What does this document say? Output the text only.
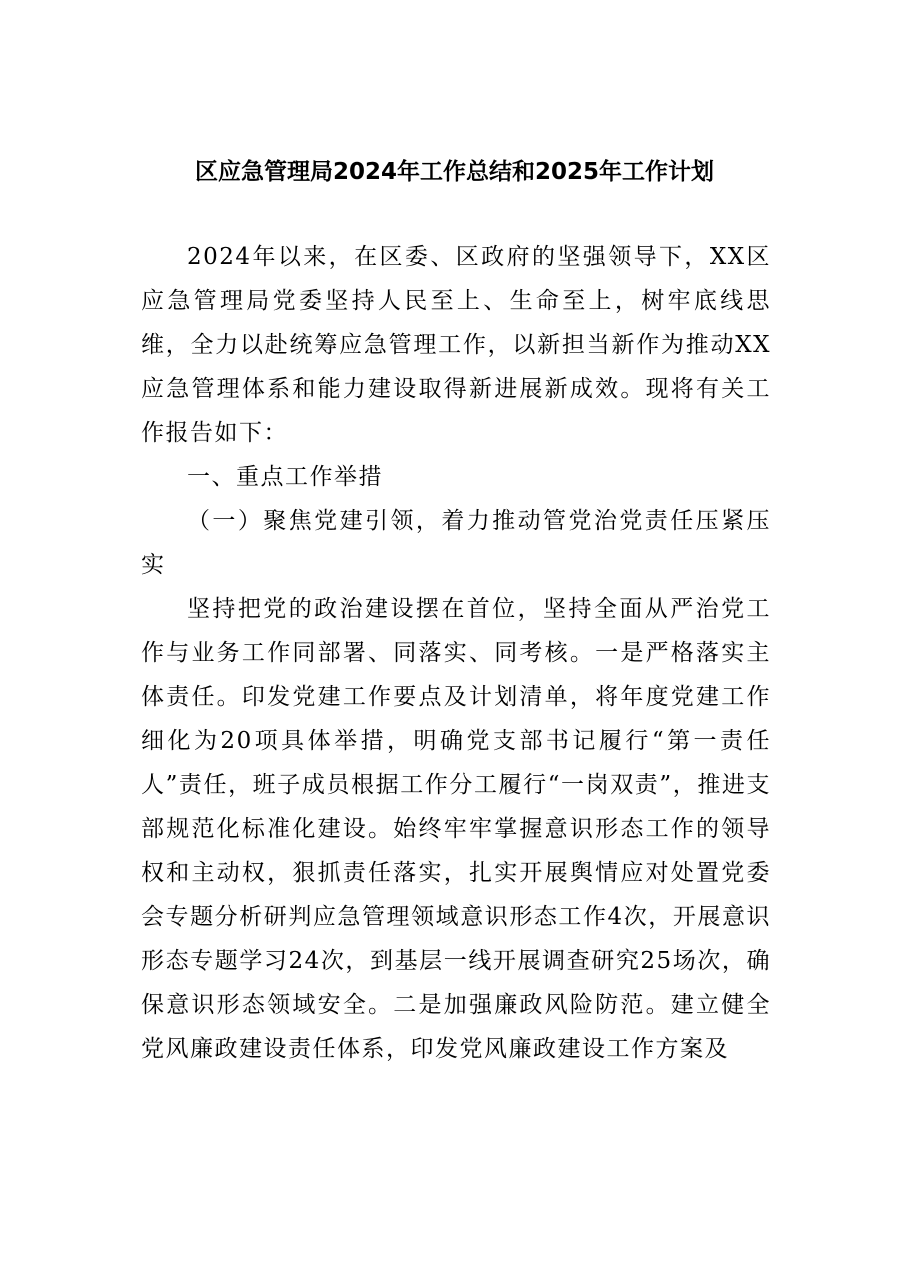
区应急管理局2024年工作总结和2025年工作计划

2024年以来，在区委、区政府的坚强领导下，XX区应急管理局党委坚持人民至上、生命至上，树牢底线思维，全力以赴统筹应急管理工作，以新担当新作为推动XX应急管理体系和能力建设取得新进展新成效。现将有关工作报告如下：

一、重点工作举措

（一）聚焦党建引领，着力推动管党治党责任压紧压实

坚持把党的政治建设摆在首位，坚持全面从严治党工作与业务工作同部署、同落实、同考核。一是严格落实主体责任。印发党建工作要点及计划清单，将年度党建工作细化为20项具体举措，明确党支部书记履行“第一责任人”责任，班子成员根据工作分工履行“一岗双责”，推进支部规范化标准化建设。始终牢牢掌握意识形态工作的领导权和主动权，狠抓责任落实，扎实开展舆情应对处置党委会专题分析研判应急管理领域意识形态工作4次，开展意识形态专题学习24次，到基层一线开展调查研究25场次，确保意识形态领域安全。二是加强廉政风险防范。建立健全党风廉政建设责任体系，印发党风廉政建设工作方案及
